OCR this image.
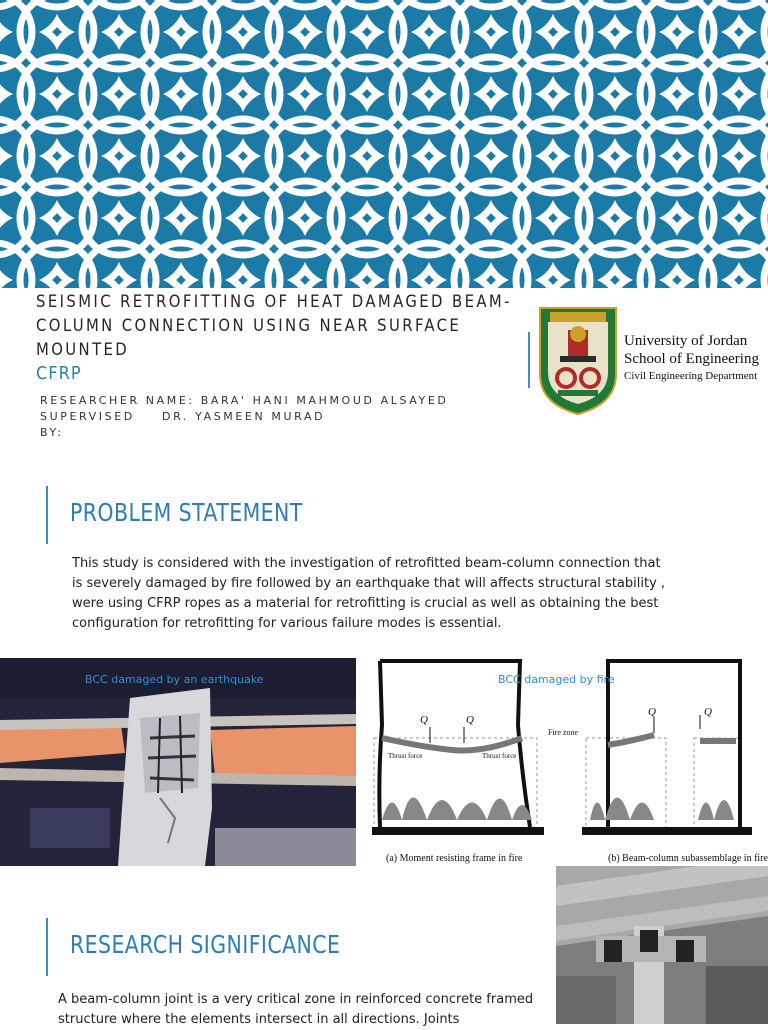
SEISMIC RETROFITTING OF HEAT DAMAGED BEAM-
COLUMN CONNECTION USING NEAR SURFACE MOUNTED
CFRP
University of Jordan
School of Engineering
Civil Engineering Department
RESEARCHER NAME: BARA' HANI MAHMOUD ALSAYED
SUPERVISED BY:
DR. YASMEEN MURAD
PROBLEM STATEMENT
This study is considered with the investigation of retrofitted beam-column connection that is severely damaged by fire followed by an earthquake that will affects structural stability , were using CFRP ropes as a material for retrofitting is crucial as well as obtaining the best configuration for retrofitting for various failure modes is essential.
BCC damaged by an earthquake
Q	Q
Q	Q
Thrust force	Thrust force
Fire zone
(a) Moment resisting frame in fire	(b) Beam-column subassemblage in fire
BCC damaged by fire
RESEARCH SIGNIFICANCE
A beam-column joint is a very critical zone in reinforced concrete framed structure where the elements intersect in all directions. Joints
